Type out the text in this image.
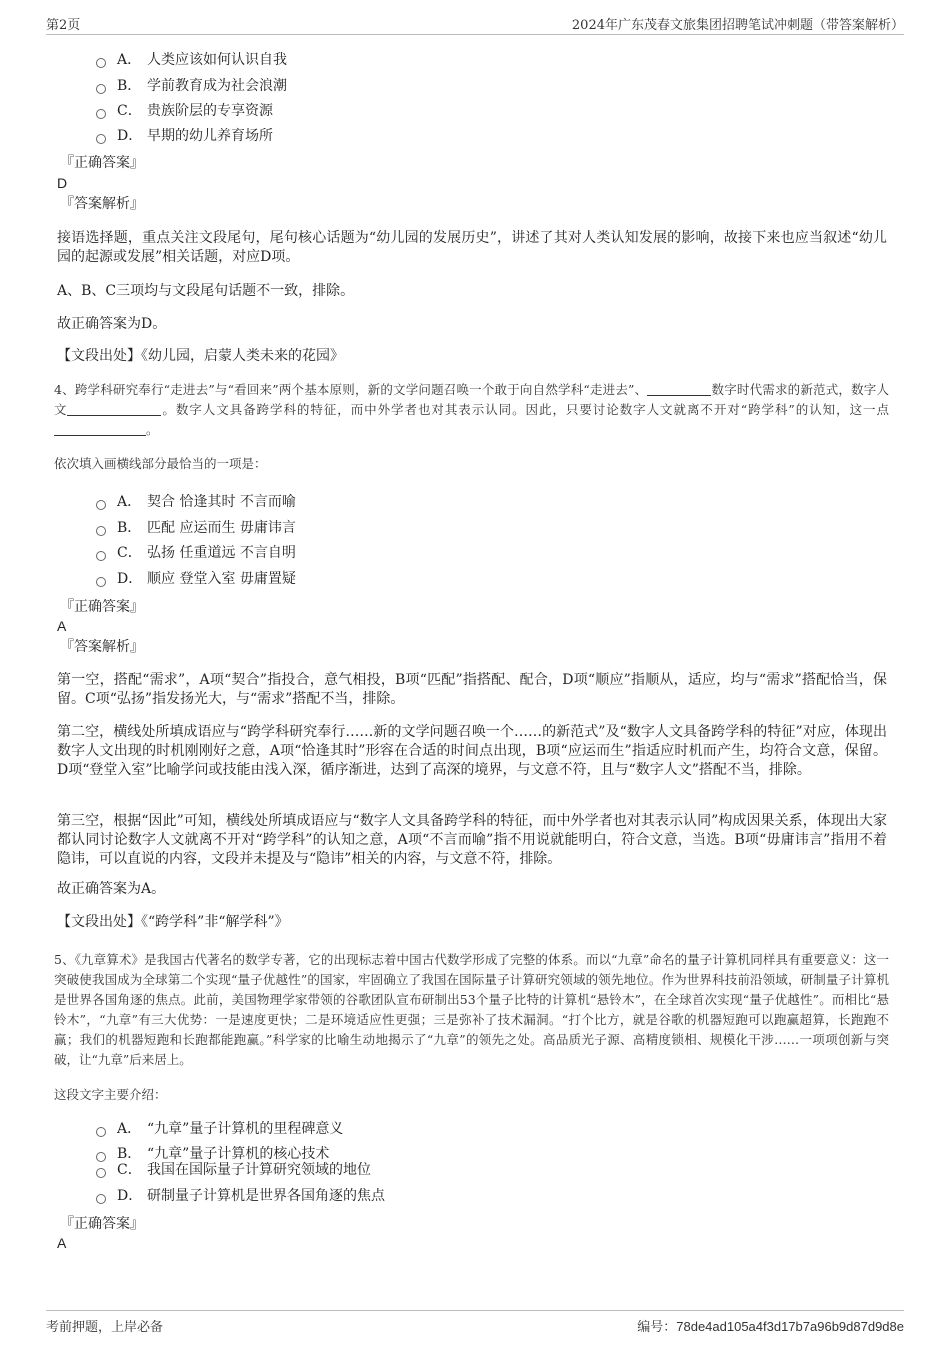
第2页	2024年广东茂春文旅集团招聘笔试冲刺题（带答案解析）
A． 人类应该如何认识自我
B． 学前教育成为社会浪潮
C． 贵族阶层的专享资源
D． 早期的幼儿养育场所
『正确答案』
D
『答案解析』
接语选择题，重点关注文段尾句，尾句核心话题为“幼儿园的发展历史”，讲述了其对人类认知发展的影响，故接下来也应当叙述“幼儿园的起源或发展”相关话题，对应D项。
A、B、C三项均与文段尾句话题不一致，排除。
故正确答案为D。
【文段出处】《幼儿园，启蒙人类未来的花园》
4、跨学科研究奉行“走进去”与“看回来”两个基本原则，新的文学问题召唤一个敢于向自然学科“走进去”、	数字时代需求的新范式，数字人文	。数字人文具备跨学科的特征，而中外学者也对其表示认同。因此，只要讨论数字人文就离不开对“跨学科”的认知，这一点。
依次填入画横线部分最恰当的一项是：
A． 契合 恰逢其时 不言而喻
B． 匹配 应运而生 毋庸讳言
C． 弘扬 任重道远 不言自明
D． 顺应 登堂入室 毋庸置疑
『正确答案』
A
『答案解析』
第一空，搭配“需求”，A项“契合”指投合，意气相投，B项“匹配”指搭配、配合，D项“顺应”指顺从，适应，均与“需求”搭配恰当，保留。C项“弘扬”指发扬光大，与“需求”搭配不当，排除。
第二空，横线处所填成语应与“跨学科研究奉行……新的文学问题召唤一个……的新范式”及“数字人文具备跨学科的特征”对应，体现出数字人文出现的时机刚刚好之意，A项“恰逢其时”形容在合适的时间点出现，B项“应运而生”指适应时机而产生，均符合文意，保留。D项“登堂入室”比喻学问或技能由浅入深，循序渐进，达到了高深的境界，与文意不符，且与“数字人文”搭配不当，排除。
第三空，根据“因此”可知，横线处所填成语应与“数字人文具备跨学科的特征，而中外学者也对其表示认同”构成因果关系，体现出大家都认同讨论数字人文就离不开对“跨学科”的认知之意，A项“不言而喻”指不用说就能明白，符合文意，当选。B项“毋庸讳言”指用不着隐讳，可以直说的内容，文段并未提及与“隐讳”相关的内容，与文意不符，排除。
故正确答案为A。
【文段出处】《“跨学科”非“解学科”》
5、《九章算术》是我国古代著名的数学专著，它的出现标志着中国古代数学形成了完整的体系。而以“九章”命名的量子计算机同样具有重要意义：这一突破使我国成为全球第二个实现“量子优越性”的国家，牢固确立了我国在国际量子计算研究领域的领先地位。作为世界科技前沿领域，研制量子计算机是世界各国角逐的焦点。此前，美国物理学家带领的谷歌团队宣布研制出53个量子比特的计算机“悬铃木”，在全球首次实现“量子优越性”。而相比“悬铃木”，“九章”有三大优势：一是速度更快；二是环境适应性更强；三是弥补了技术漏洞。“打个比方，就是谷歌的机器短跑可以跑赢超算，长跑跑不赢；我们的机器短跑和长跑都能跑赢。”科学家的比喻生动地揭示了“九章”的领先之处。高品质光子源、高精度锁相、规模化干涉……一项项创新与突破，让“九章”后来居上。
这段文字主要介绍：
A． “九章”量子计算机的里程碑意义
B． “九章”量子计算机的核心技术
C． 我国在国际量子计算研究领域的地位
D． 研制量子计算机是世界各国角逐的焦点
『正确答案』
A
考前押题，上岸必备	编号：78de4ad105a4f3d17b7a96b9d87d9d8e
